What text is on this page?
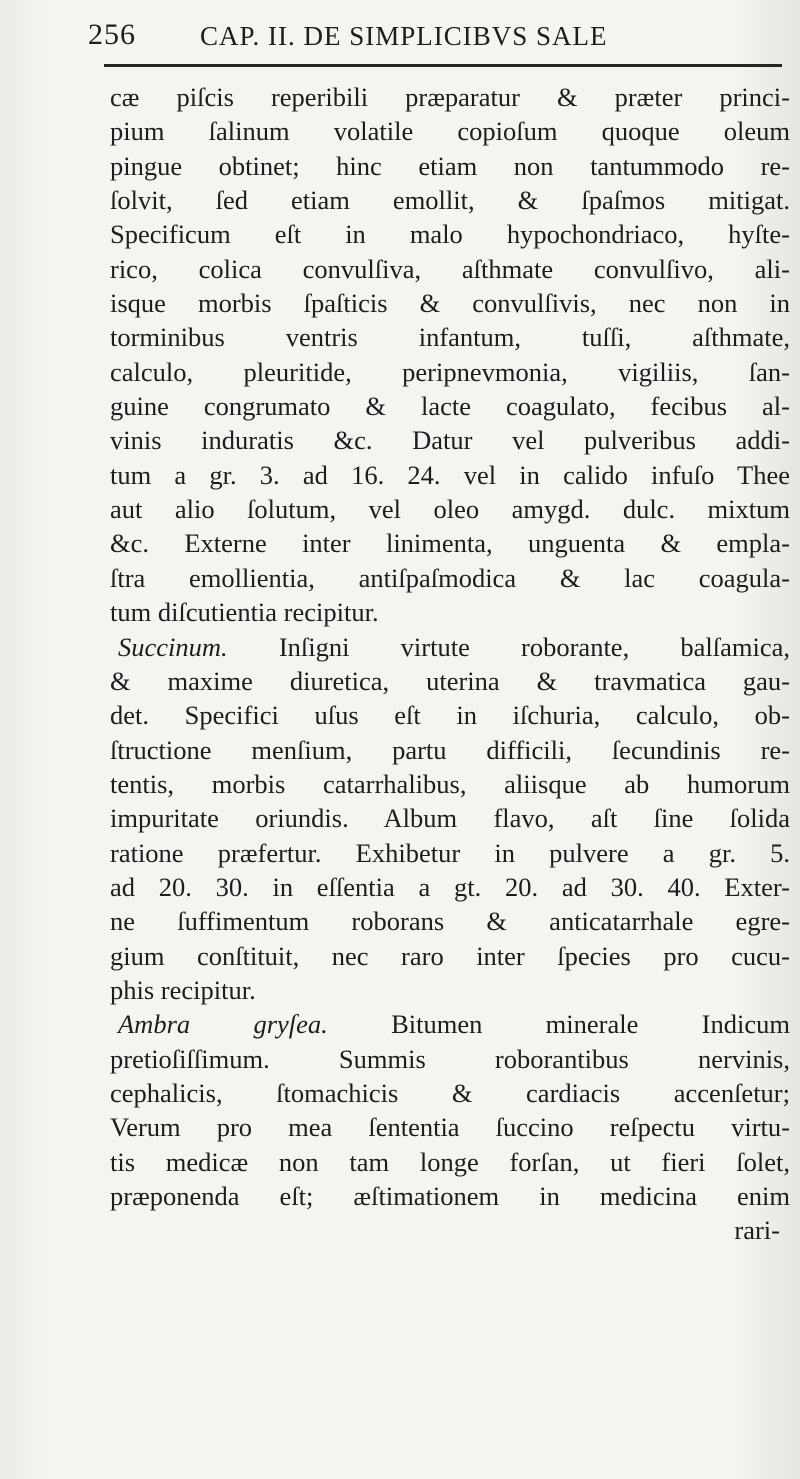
256 CAP. II. DE SIMPLICIBVS SALE
cæ piſcis reperibili præparatur & præter princi-
pium ſalinum volatile copioſum quoque oleum
pingue obtinet; hinc etiam non tantummodo re-
ſolvit, ſed etiam emollit, & ſpaſmos mitigat.
Specificum eſt in malo hypochondriaco, hyſte-
rico, colica convulſiva, aſthmate convulſivo, ali-
isque morbis ſpaſticis & convulſivis, nec non in
torminibus ventris infantum, tuſſi, aſthmate,
calculo, pleuritide, peripnevmonia, vigiliis, ſan-
guine congrumato & lacte coagulato, fecibus al-
vinis induratis &c. Datur vel pulveribus addi-
tum a gr. 3. ad 16. 24. vel in calido infuſo Thee
aut alio ſolutum, vel oleo amygd. dulc. mixtum
&c. Externe inter linimenta, unguenta & empla-
ſtra emollientia, antiſpaſmodica & lac coagula-
tum diſcutientia recipitur.
Succinum. Inſigni virtute roborante, balſamica,
& maxime diuretica, uterina & travmatica gau-
det. Specifici uſus eſt in iſchuria, calculo, ob-
ſtructione menſium, partu difficili, ſecundinis re-
tentis, morbis catarrhalibus, aliisque ab humorum
impuritate oriundis. Album flavo, aſt ſine ſolida
ratione præfertur. Exhibetur in pulvere a gr. 5.
ad 20. 30. in eſſentia a gt. 20. ad 30. 40. Exter-
ne ſuffimentum roborans & anticatarrhale egre-
gium conſtituit, nec raro inter ſpecies pro cucu-
phis recipitur.
Ambra gryſea. Bitumen minerale Indicum
pretioſiſſimum. Summis roborantibus nervinis,
cephalicis, ſtomachicis & cardiacis accenſetur;
Verum pro mea ſententia ſuccino reſpectu virtu-
tis medicæ non tam longe forſan, ut fieri ſolet,
præponenda eſt; æſtimationem in medicina enim
rari-
